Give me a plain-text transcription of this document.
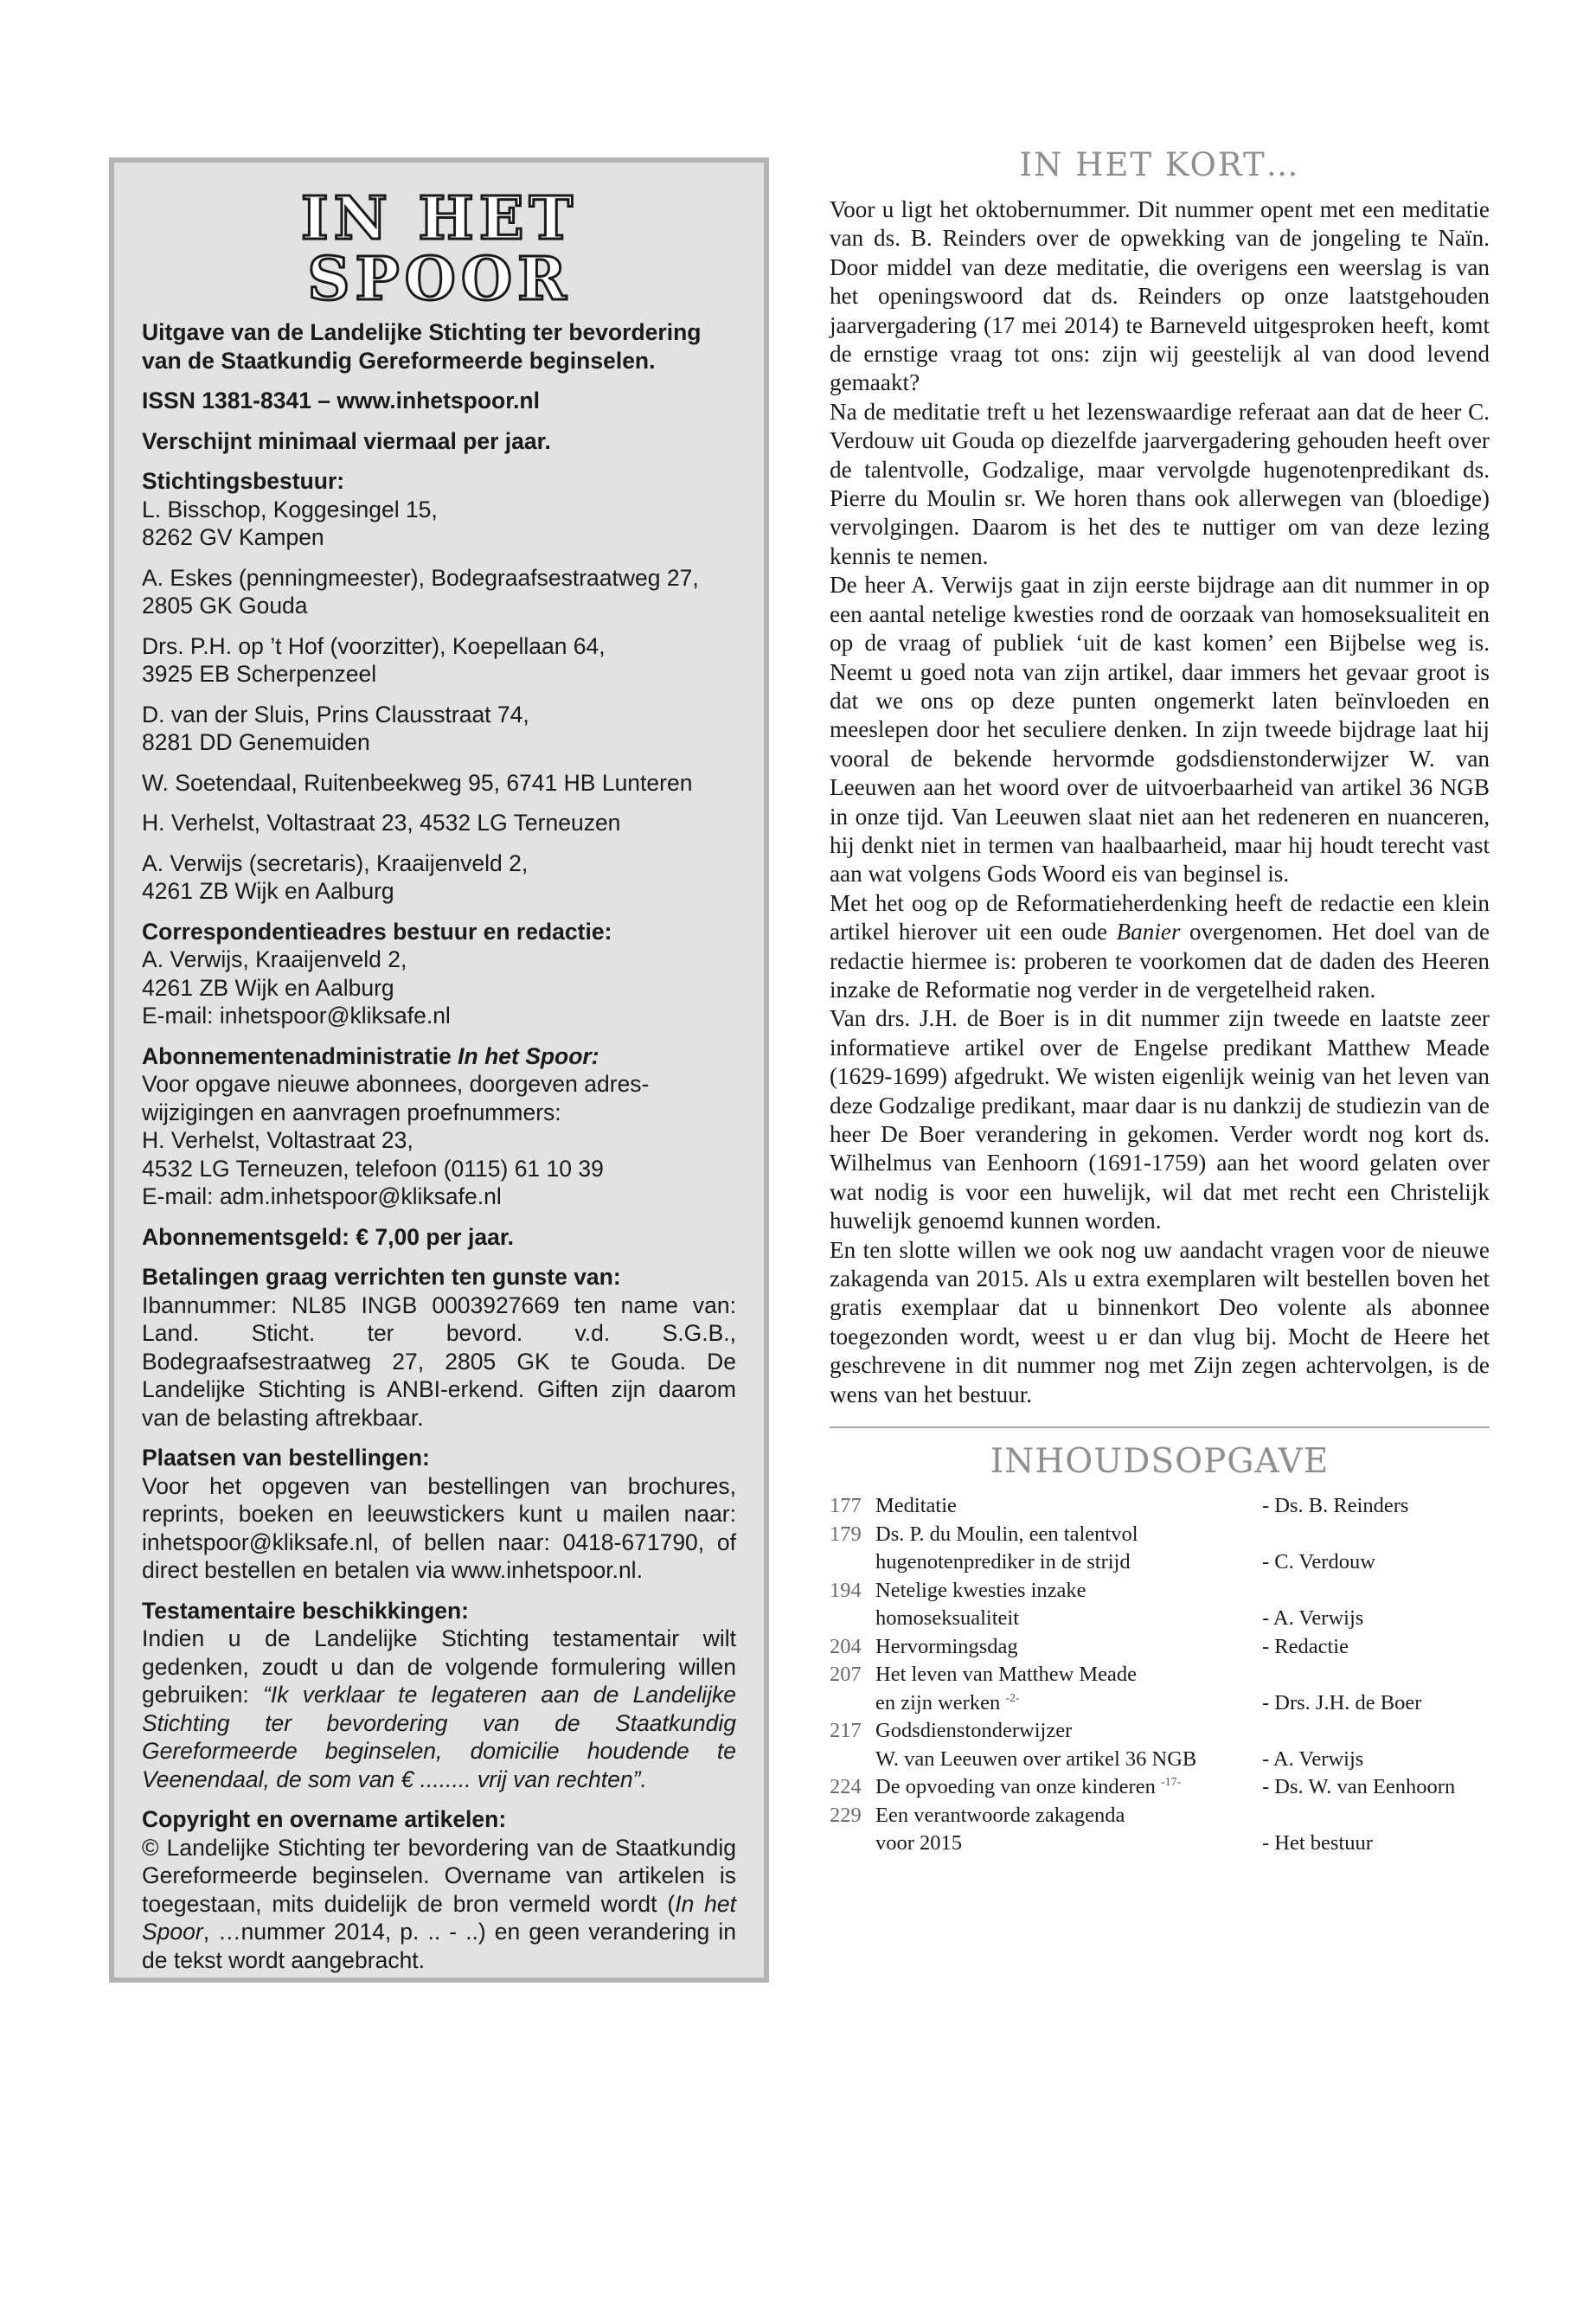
IN HET
SPOOR
Uitgave van de Landelijke Stichting ter bevordering van de Staatkundig Gereformeerde beginselen.
ISSN 1381-8341 – www.inhetspoor.nl
Verschijnt minimaal viermaal per jaar.
Stichtingsbestuur:
L. Bisschop, Koggesingel 15,
8262 GV Kampen
A. Eskes (penningmeester), Bodegraafsestraatweg 27,
2805 GK Gouda
Drs. P.H. op ’t Hof (voorzitter), Koepellaan 64,
3925 EB Scherpenzeel
D. van der Sluis, Prins Clausstraat 74,
8281 DD Genemuiden
W. Soetendaal, Ruitenbeekweg 95, 6741 HB Lunteren
H. Verhelst, Voltastraat 23, 4532 LG Terneuzen
A. Verwijs (secretaris), Kraaijenveld 2,
4261 ZB Wijk en Aalburg
Correspondentieadres bestuur en redactie:
A. Verwijs, Kraaijenveld 2,
4261 ZB Wijk en Aalburg
E-mail: inhetspoor@kliksafe.nl
Abonnementenadministratie In het Spoor:
Voor opgave nieuwe abonnees, doorgeven adres-
wijzigingen en aanvragen proefnummers:
H. Verhelst, Voltastraat 23,
4532 LG Terneuzen, telefoon (0115) 61 10 39
E-mail: adm.inhetspoor@kliksafe.nl
Abonnementsgeld: € 7,00 per jaar.
Betalingen graag verrichten ten gunste van:
Ibannummer: NL85 INGB 0003927669 ten name van: Land. Sticht. ter bevord. v.d. S.G.B., Bodegraafsestraatweg 27, 2805 GK te Gouda. De Landelijke Stichting is ANBI-erkend. Giften zijn daarom van de belasting aftrekbaar.
Plaatsen van bestellingen:
Voor het opgeven van bestellingen van brochures, reprints, boeken en leeuwstickers kunt u mailen naar: inhetspoor@kliksafe.nl, of bellen naar: 0418-671790, of direct bestellen en betalen via www.inhetspoor.nl.
Testamentaire beschikkingen:
Indien u de Landelijke Stichting testamentair wilt gedenken, zoudt u dan de volgende formulering willen gebruiken: “Ik verklaar te legateren aan de Landelijke Stichting ter bevordering van de Staatkundig Gereformeerde beginselen, domicilie houdende te Veenendaal, de som van € ........ vrij van rechten”.
Copyright en overname artikelen:
© Landelijke Stichting ter bevordering van de Staatkundig Gereformeerde beginselen. Overname van artikelen is toegestaan, mits duidelijk de bron vermeld wordt (In het Spoor, …nummer 2014, p. .. - ..) en geen verandering in de tekst wordt aangebracht.
IN HET KORT…

Voor u ligt het oktobernummer. Dit nummer opent met een meditatie van ds. B. Reinders over de opwekking van de jongeling te Naïn. Door middel van deze meditatie, die overigens een weerslag is van het openingswoord dat ds. Reinders op onze laatstgehouden jaarvergadering (17 mei 2014) te Barneveld uitgesproken heeft, komt de ernstige vraag tot ons: zijn wij geestelijk al van dood levend gemaakt?

Na de meditatie treft u het lezenswaardige referaat aan dat de heer C. Verdouw uit Gouda op diezelfde jaarvergadering gehouden heeft over de talentvolle, Godzalige, maar vervolgde hugenotenpredikant ds. Pierre du Moulin sr. We horen thans ook allerwegen van (bloedige) vervolgingen. Daarom is het des te nuttiger om van deze lezing kennis te nemen.

De heer A. Verwijs gaat in zijn eerste bijdrage aan dit nummer in op een aantal netelige kwesties rond de oorzaak van homoseksualiteit en op de vraag of publiek ‘uit de kast komen’ een Bijbelse weg is. Neemt u goed nota van zijn artikel, daar immers het gevaar groot is dat we ons op deze punten ongemerkt laten beïnvloeden en meeslepen door het seculiere denken. In zijn tweede bijdrage laat hij vooral de bekende hervormde godsdienstonderwijzer W. van Leeuwen aan het woord over de uitvoerbaarheid van artikel 36 NGB in onze tijd. Van Leeuwen slaat niet aan het redeneren en nuanceren, hij denkt niet in termen van haalbaarheid, maar hij houdt terecht vast aan wat volgens Gods Woord eis van beginsel is.

Met het oog op de Reformatieherdenking heeft de redactie een klein artikel hierover uit een oude Banier overgenomen. Het doel van de redactie hiermee is: proberen te voorkomen dat de daden des Heeren inzake de Reformatie nog verder in de vergetelheid raken.

Van drs. J.H. de Boer is in dit nummer zijn tweede en laatste zeer informatieve artikel over de Engelse predikant Matthew Meade (1629-1699) afgedrukt. We wisten eigenlijk weinig van het leven van deze Godzalige predikant, maar daar is nu dankzij de studiezin van de heer De Boer verandering in gekomen. Verder wordt nog kort ds. Wilhelmus van Eenhoorn (1691-1759) aan het woord gelaten over wat nodig is voor een huwelijk, wil dat met recht een Christelijk huwelijk genoemd kunnen worden.

En ten slotte willen we ook nog uw aandacht vragen voor de nieuwe zakagenda van 2015. Als u extra exemplaren wilt bestellen boven het gratis exemplaar dat u binnenkort Deo volente als abonnee toegezonden wordt, weest u er dan vlug bij. Mocht de Heere het geschrevene in dit nummer nog met Zijn zegen achtervolgen, is de wens van het bestuur.

INHOUDSOPGAVE
177 Meditatie	- Ds. B. Reinders
179 Ds. P. du Moulin, een talentvol
hugenotenprediker in de strijd	- C. Verdouw
194 Netelige kwesties inzake
homoseksualiteit	- A. Verwijs
204 Hervormingsdag	- Redactie
207 Het leven van Matthew Meade
en zijn werken $^{-2-}$	- Drs. J.H. de Boer
217 Godsdienstonderwijzer
W. van Leeuwen over artikel 36 NGB	- A. Verwijs
224 De opvoeding van onze kinderen $^{-17-}$	- Ds. W. van Eenhoorn
229 Een verantwoorde zakagenda
voor 2015	- Het bestuur
